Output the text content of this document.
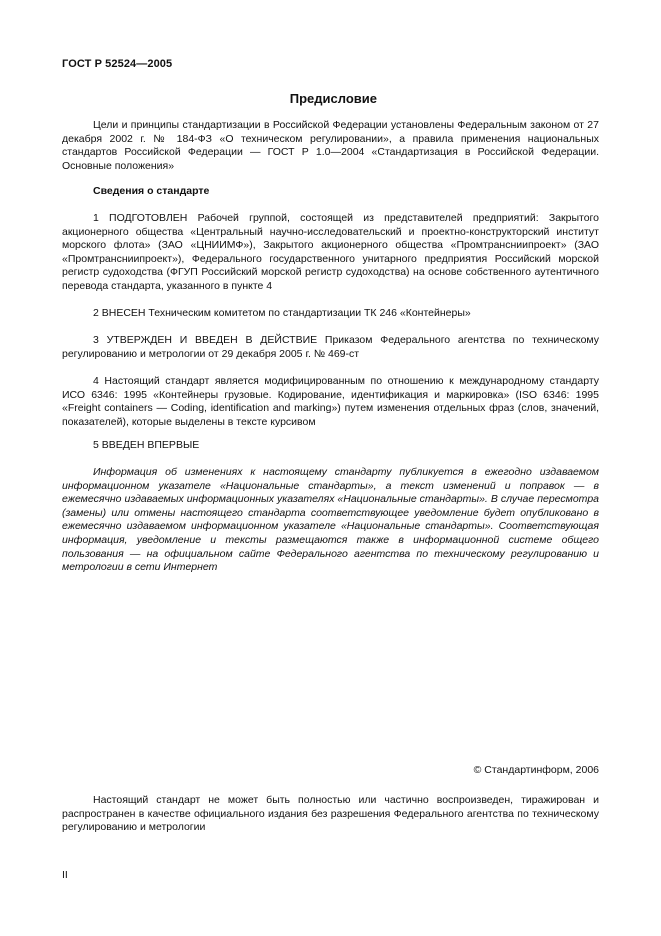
ГОСТ Р 52524—2005
Предисловие

Цели и принципы стандартизации в Российской Федерации установлены Федеральным законом от 27 декабря 2002 г. № 184-ФЗ «О техническом регулировании», а правила применения национальных стандартов Российской Федерации — ГОСТ Р 1.0—2004 «Стандартизация в Российской Федерации. Основные положения»

Сведения о стандарте

1 ПОДГОТОВЛЕН Рабочей группой, состоящей из представителей предприятий: Закрытого акционерного общества «Центральный научно-исследовательский и проектно-конструкторский институт морского флота» (ЗАО «ЦНИИМФ»), Закрытого акционерного общества «Промтрансниипроект» (ЗАО «Промтрансниипроект»), Федерального государственного унитарного предприятия Российский морской регистр судоходства (ФГУП Российский морской регистр судоходства) на основе собственного аутентичного перевода стандарта, указанного в пункте 4

2 ВНЕСЕН Техническим комитетом по стандартизации ТК 246 «Контейнеры»

3 УТВЕРЖДЕН И ВВЕДЕН В ДЕЙСТВИЕ Приказом Федерального агентства по техническому регулированию и метрологии от 29 декабря 2005 г. № 469-ст

4 Настоящий стандарт является модифицированным по отношению к международному стандарту ИСО 6346: 1995 «Контейнеры грузовые. Кодирование, идентификация и маркировка» (ISO 6346: 1995 «Freight containers — Coding, identification and marking») путем изменения отдельных фраз (слов, значений, показателей), которые выделены в тексте курсивом

5 ВВЕДЕН ВПЕРВЫЕ

Информация об изменениях к настоящему стандарту публикуется в ежегодно издаваемом информационном указателе «Национальные стандарты», а текст изменений и поправок — в ежемесячно издаваемых информационных указателях «Национальные стандарты». В случае пересмотра (замены) или отмены настоящего стандарта соответствующее уведомление будет опубликовано в ежемесячно издаваемом информационном указателе «Национальные стандарты». Соответствующая информация, уведомление и тексты размещаются также в информационной системе общего пользования — на официальном сайте Федерального агентства по техническому регулированию и метрологии в сети Интернет

© Стандартинформ, 2006

Настоящий стандарт не может быть полностью или частично воспроизведен, тиражирован и распространен в качестве официального издания без разрешения Федерального агентства по техническому регулированию и метрологии

II
